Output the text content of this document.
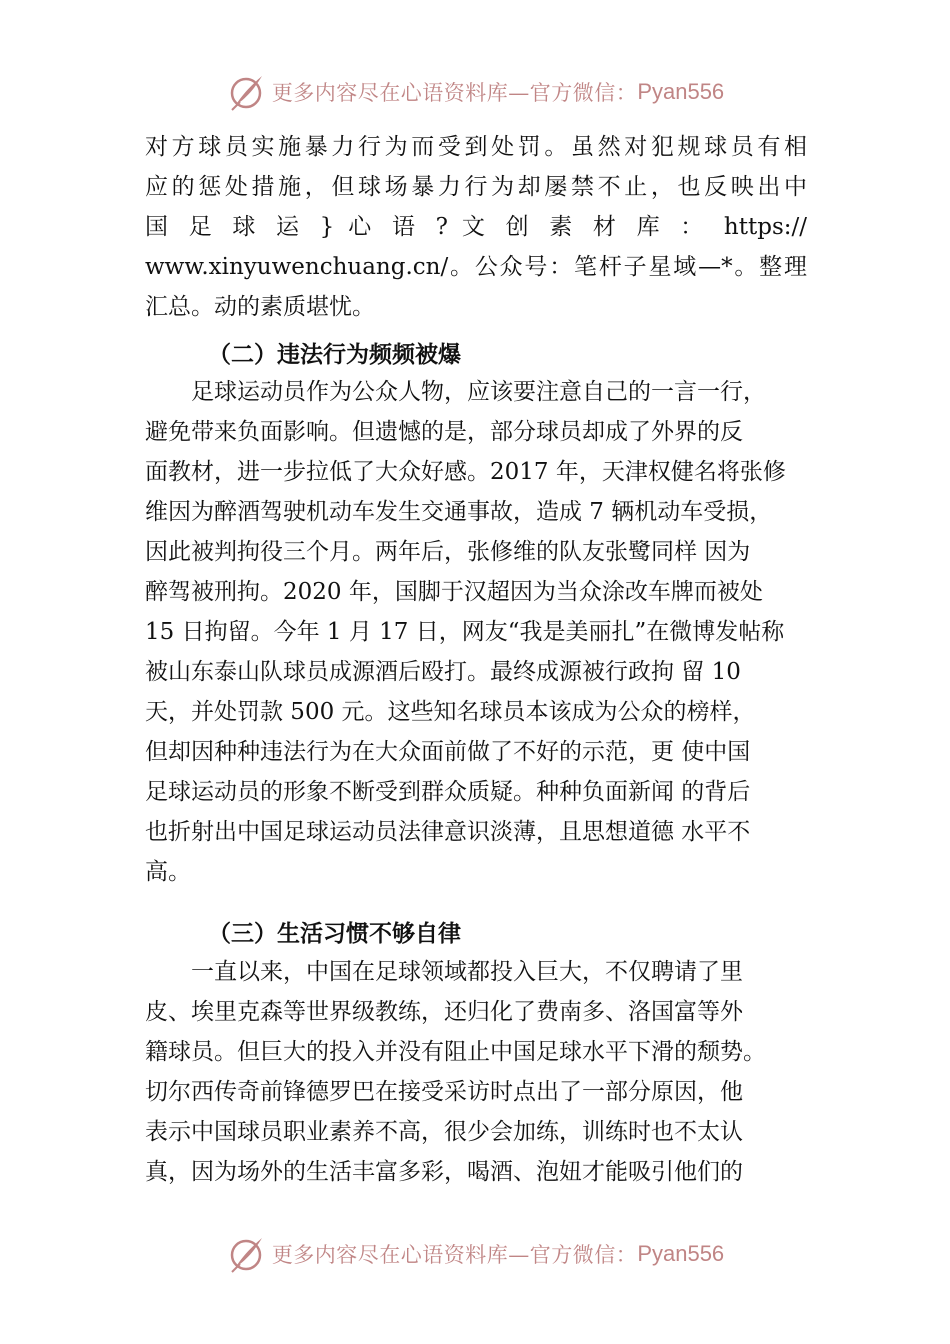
更多内容尽在心语资料库—官方微信： Pyan556
对方球员实施暴力行为而受到处罚。虽然对犯规球员有相
应的惩处措施，但球场暴力行为却屡禁不止，也反映出中
国 足 球 运 } 心 语 ? 文 创 素 材 库 ： https://
www.xinyuwenchuang.cn/。公众号：笔杆子星域—*。整理
汇总。动的素质堪忧。
（二）违法行为频频被爆
足球运动员作为公众人物，应该要注意自己的一言一行，
避免带来负面影响。但遗憾的是，部分球员却成了外界的反
面教材，进一步拉低了大众好感。2017 年，天津权健名将张修
维因为醉酒驾驶机动车发生交通事故，造成 7 辆机动车受损，
因此被判拘役三个月。两年后，张修维的队友张鹭同样 因为
醉驾被刑拘。2020 年，国脚于汉超因为当众涂改车牌而被处
15 日拘留。今年 1 月 17 日，网友“我是美丽扎”在微博发帖称
被山东泰山队球员成源酒后殴打。最终成源被行政拘 留 10
天，并处罚款 500 元。这些知名球员本该成为公众的榜样，
但却因种种违法行为在大众面前做了不好的示范，更 使中国
足球运动员的形象不断受到群众质疑。种种负面新闻 的背后
也折射出中国足球运动员法律意识淡薄，且思想道德 水平不
高。
（三）生活习惯不够自律
一直以来，中国在足球领域都投入巨大，不仅聘请了里
皮、埃里克森等世界级教练，还归化了费南多、洛国富等外
籍球员。但巨大的投入并没有阻止中国足球水平下滑的颓势。
切尔西传奇前锋德罗巴在接受采访时点出了一部分原因，他
表示中国球员职业素养不高，很少会加练，训练时也不太认
真，因为场外的生活丰富多彩，喝酒、泡妞才能吸引他们的
更多内容尽在心语资料库—官方微信： Pyan556
